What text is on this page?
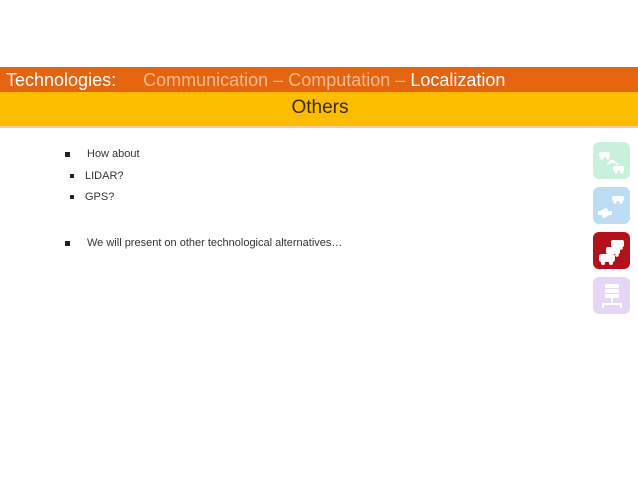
Technologies: Communication – Computation – Localization
Others
How about
LIDAR?
GPS?
We will present on other technological alternatives…
